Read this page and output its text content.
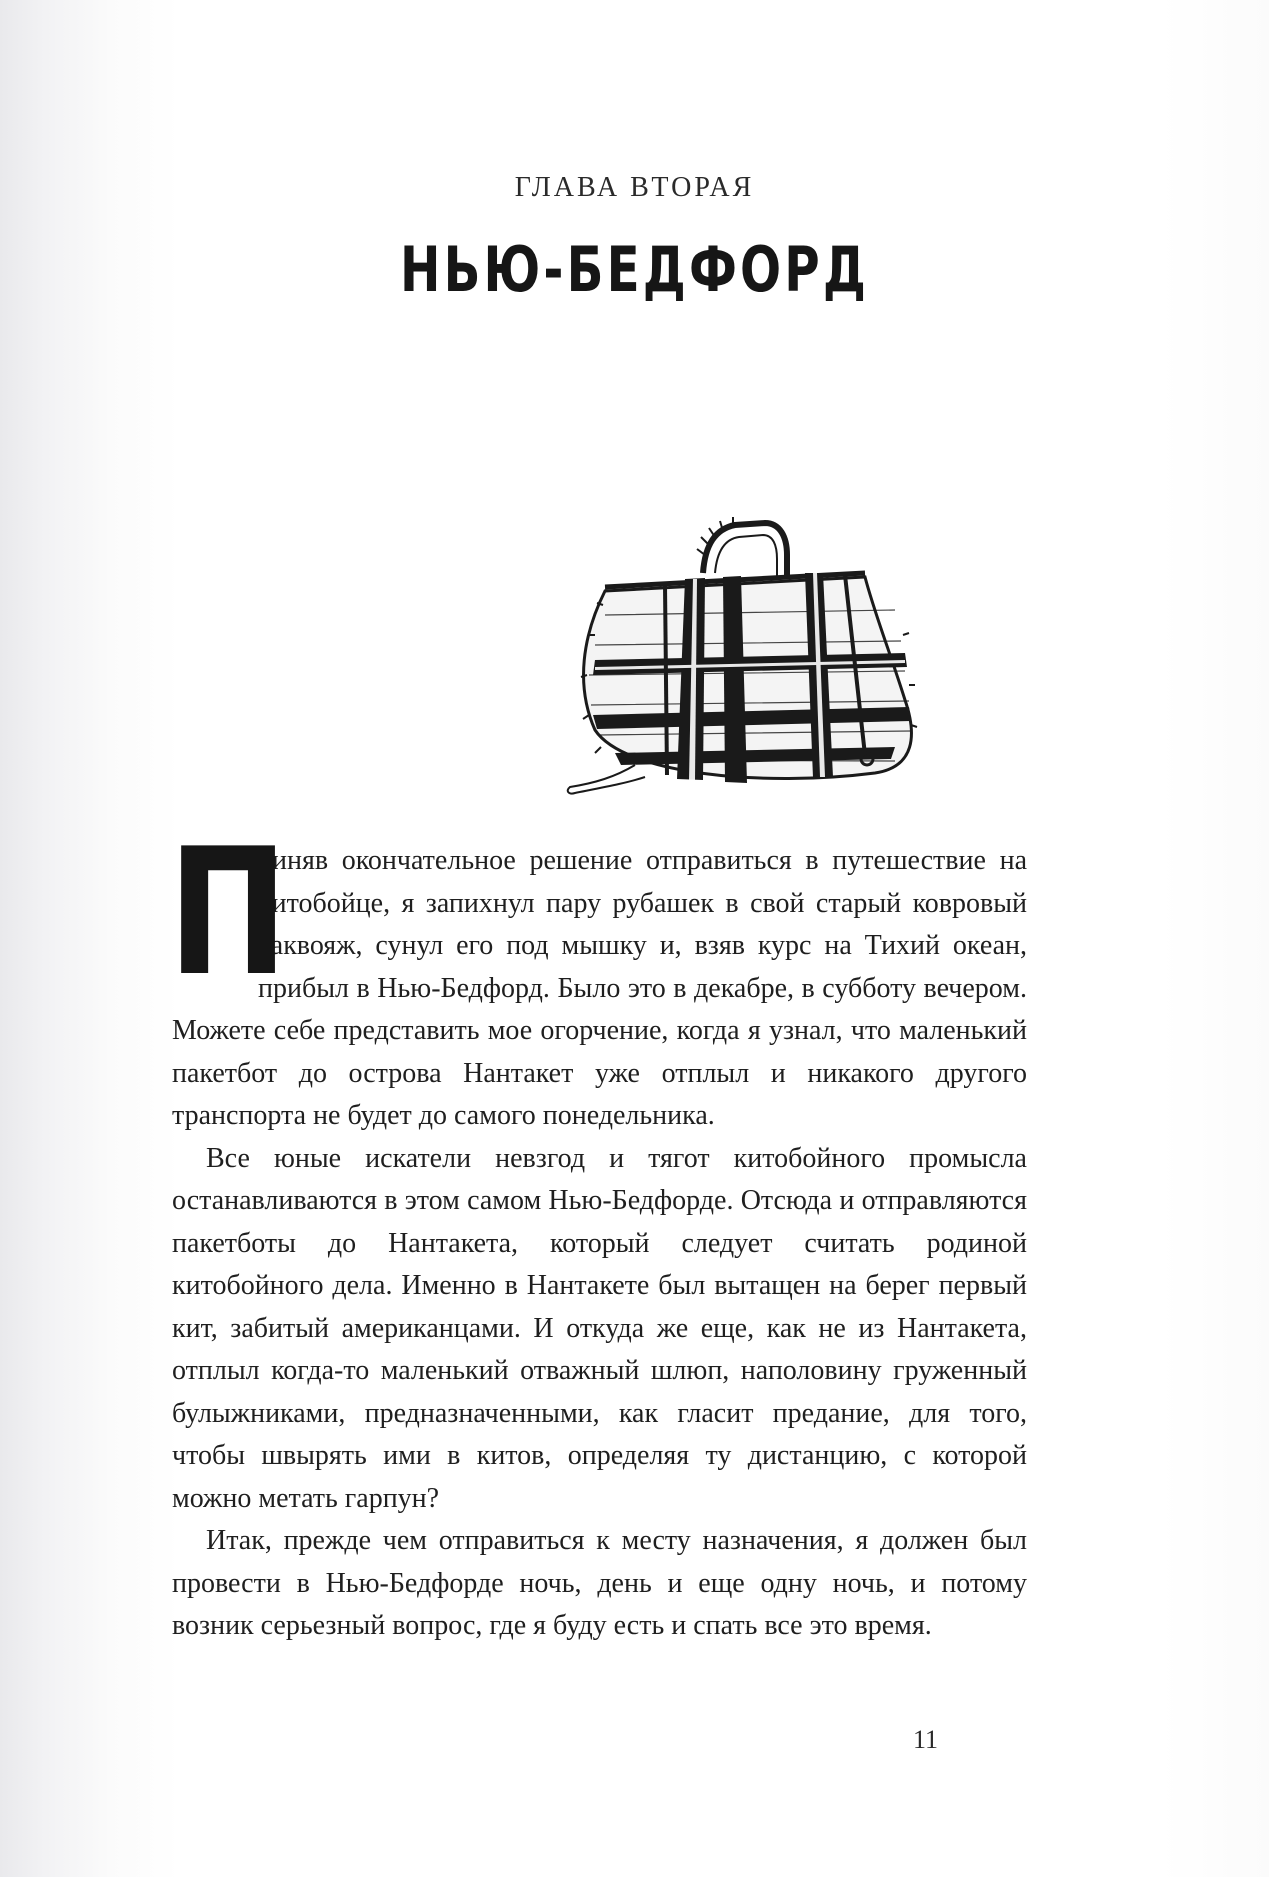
ГЛАВА ВТОРАЯ
НЬЮ-БЕДФОРД

П
риняв окончательное решение отправиться в путешествие на китобойце, я запихнул пару рубашек в свой старый ковровый саквояж, сунул его под мышку и, взяв курс на Тихий океан, прибыл в Нью-Бедфорд. Было это в декабре, в субботу вечером. Можете себе представить мое огорчение, когда я узнал, что маленький пакетбот до острова Нантакет уже отплыл и никакого другого транспорта не будет до самого понедельника.

Все юные искатели невзгод и тягот китобойного промысла останавливаются в этом самом Нью-Бедфорде. Отсюда и отправляются пакетботы до Нантакета, который следует считать родиной китобойного дела. Именно в Нантакете был вытащен на берег первый кит, забитый американцами. И откуда же еще, как не из Нантакета, отплыл когда-то маленький отважный шлюп, наполовину груженный булыжниками, предназначенными, как гласит предание, для того, чтобы швырять ими в китов, определяя ту дистанцию, с которой можно метать гарпун?

Итак, прежде чем отправиться к месту назначения, я должен был провести в Нью-Бедфорде ночь, день и еще одну ночь, и потому возник серьезный вопрос, где я буду есть и спать все это время.

11
